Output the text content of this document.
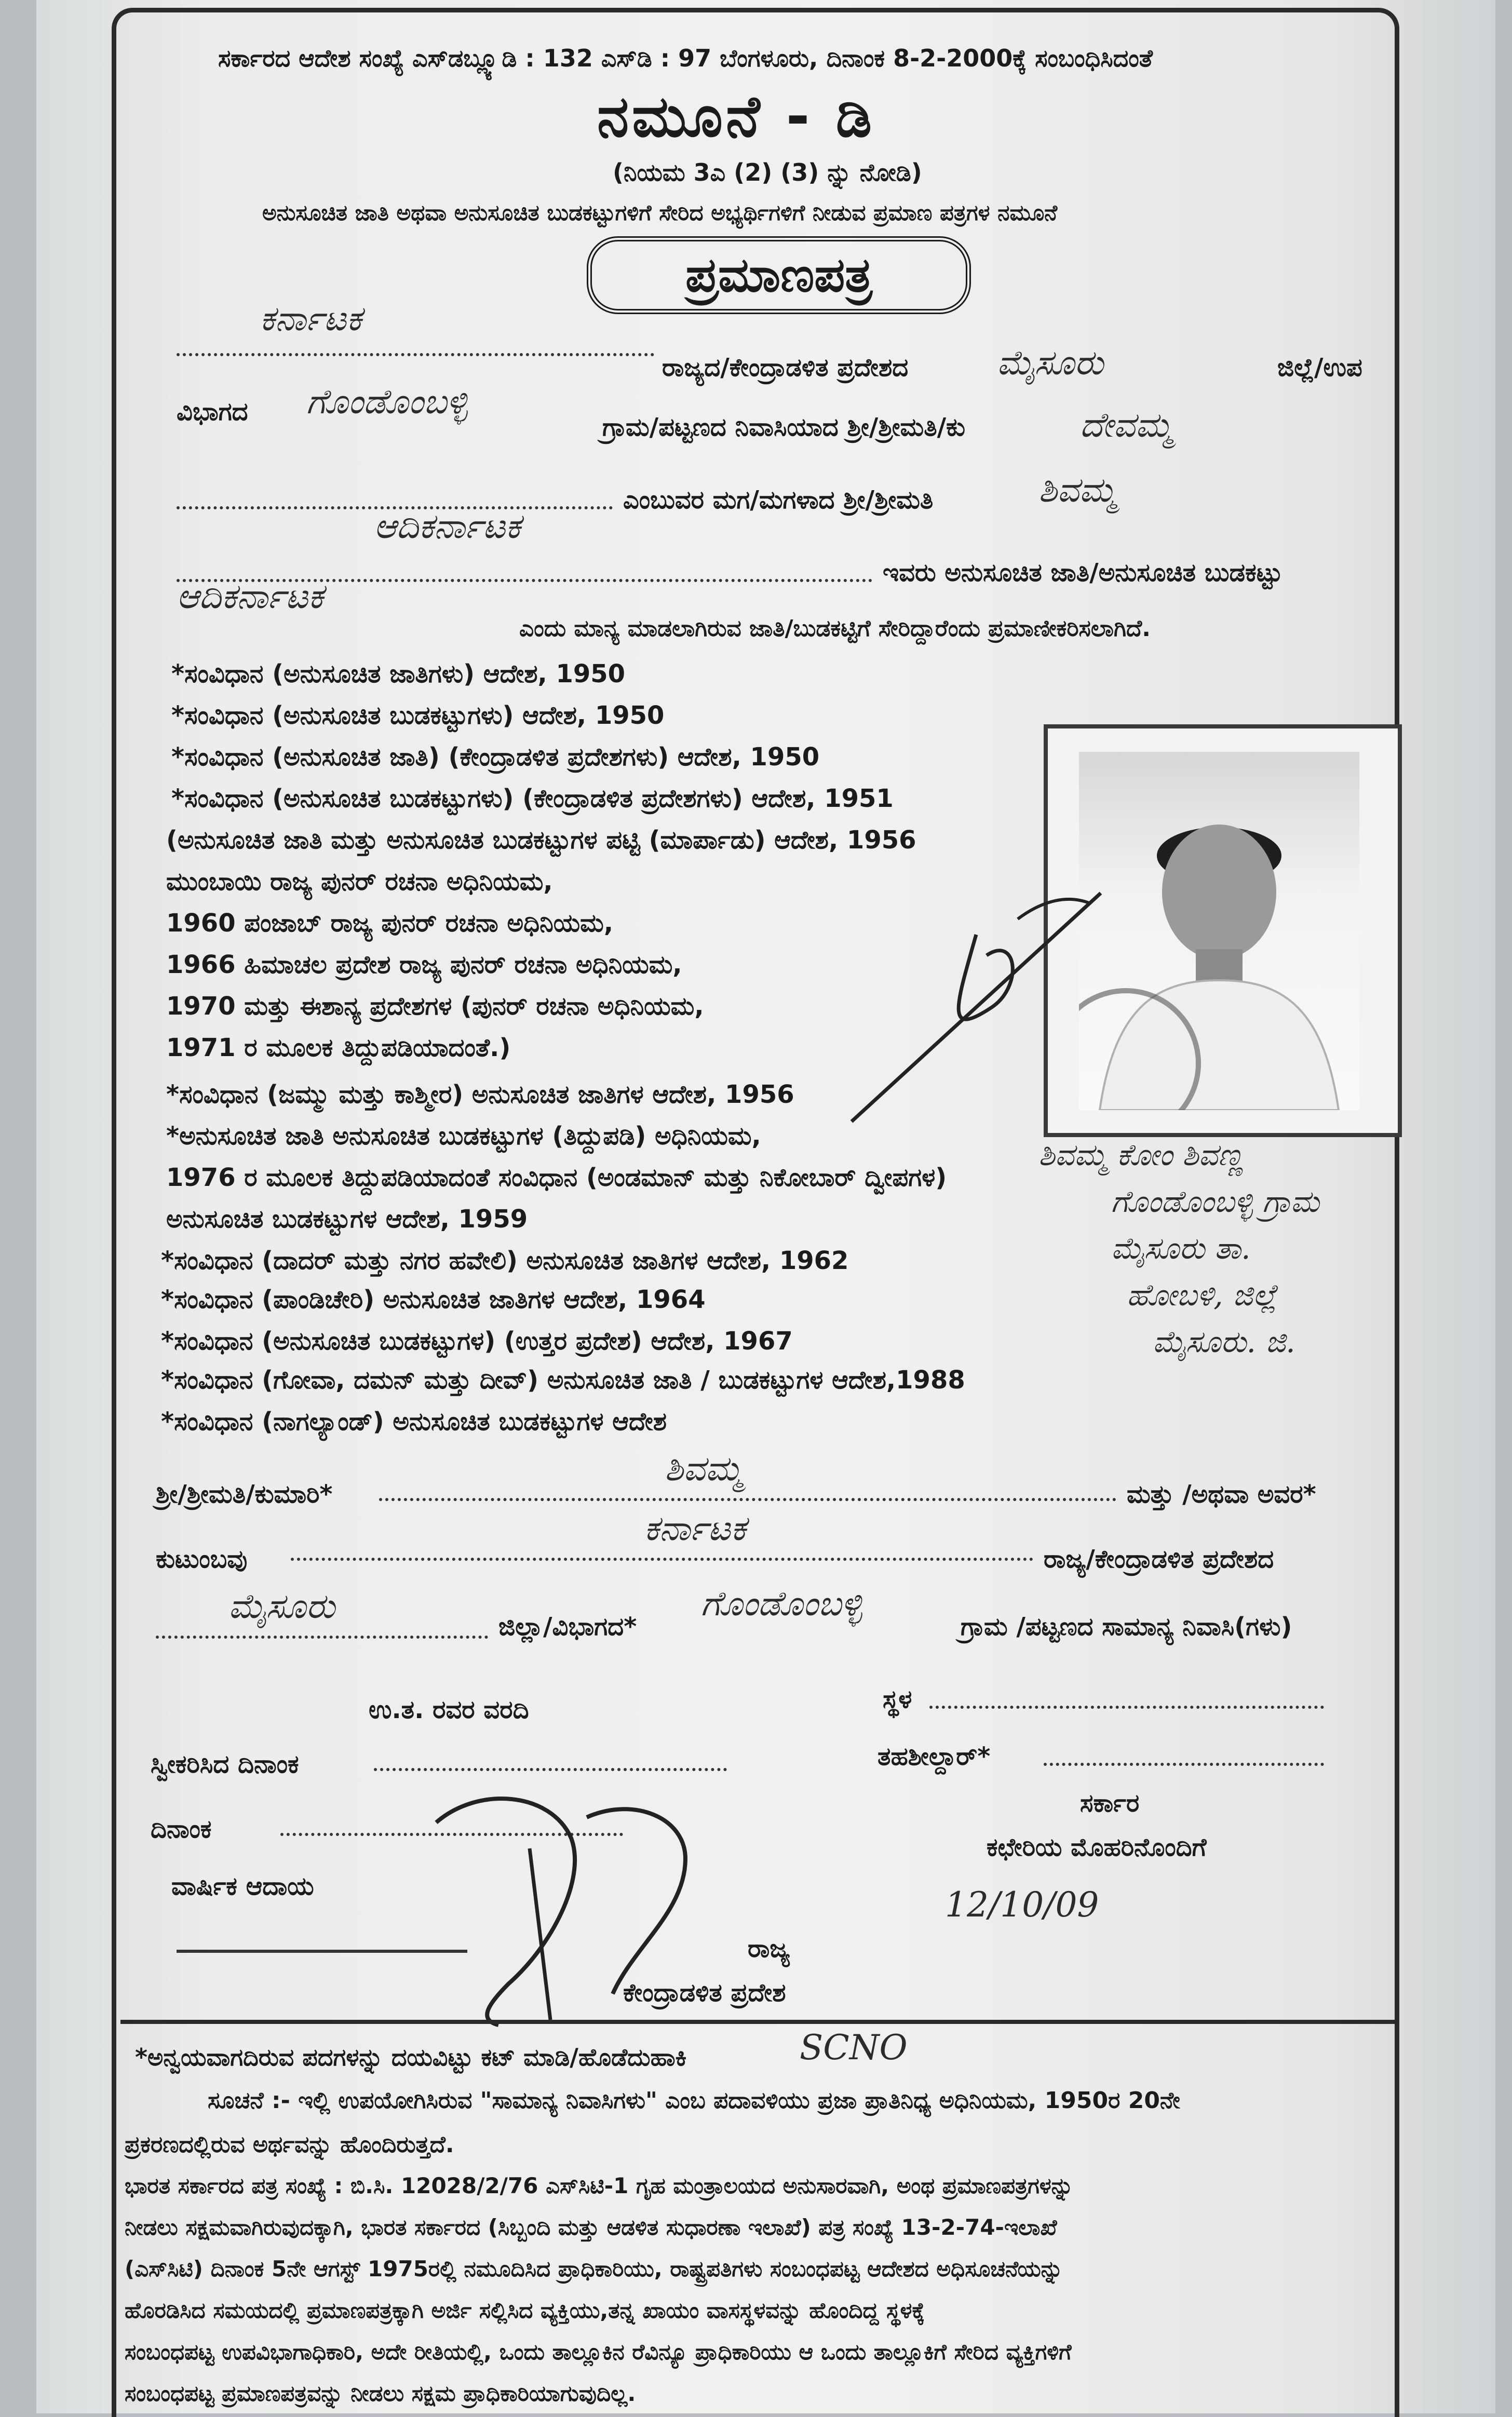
ಸರ್ಕಾರದ ಆದೇಶ ಸಂಖ್ಯೆ ಎಸ್‌ಡಬ್ಲ್ಯೂಡಿ : 132 ಎಸ್‌ಡಿ : 97 ಬೆಂಗಳೂರು, ದಿನಾಂಕ 8-2-2000ಕ್ಕೆ ಸಂಬಂಧಿಸಿದಂತೆ
ನಮೂನೆ - ಡಿ
(ನಿಯಮ 3ಎ (2) (3) ನ್ನು ನೋಡಿ)
ಅನುಸೂಚಿತ ಜಾತಿ ಅಥವಾ ಅನುಸೂಚಿತ ಬುಡಕಟ್ಟುಗಳಿಗೆ ಸೇರಿದ ಅಭ್ಯರ್ಥಿಗಳಿಗೆ ನೀಡುವ ಪ್ರಮಾಣ ಪತ್ರಗಳ ನಮೂನೆ
ಪ್ರಮಾಣಪತ್ರ
ಕರ್ನಾಟಕ
ರಾಜ್ಯದ/ಕೇಂದ್ರಾಡಳಿತ ಪ್ರದೇಶದ	ಮೈಸೂರು	ಜಿಲ್ಲೆ/ಉಪ
ವಿಭಾಗದ ಗೊಂಡೊಂಬಳ್ಳಿ
ಗ್ರಾಮ/ಪಟ್ಟಣದ ನಿವಾಸಿಯಾದ ಶ್ರೀ/ಶ್ರೀಮತಿ/ಕು	ದೇವಮ್ಮ
ಎಂಬುವರ ಮಗ/ಮಗಳಾದ ಶ್ರೀ/ಶ್ರೀಮತಿ	ಶಿವಮ್ಮ
ಆದಿಕರ್ನಾಟಕ
ಇವರು ಅನುಸೂಚಿತ ಜಾತಿ/ಅನುಸೂಚಿತ ಬುಡಕಟ್ಟು
ಆದಿಕರ್ನಾಟಕ
ಎಂದು ಮಾನ್ಯ ಮಾಡಲಾಗಿರುವ ಜಾತಿ/ಬುಡಕಟ್ಟಿಗೆ ಸೇರಿದ್ದಾರೆಂದು ಪ್ರಮಾಣೀಕರಿಸಲಾಗಿದೆ.
*ಸಂವಿಧಾನ (ಅನುಸೂಚಿತ ಜಾತಿಗಳು) ಆದೇಶ, 1950
*ಸಂವಿಧಾನ (ಅನುಸೂಚಿತ ಬುಡಕಟ್ಟುಗಳು) ಆದೇಶ, 1950
*ಸಂವಿಧಾನ (ಅನುಸೂಚಿತ ಜಾತಿ) (ಕೇಂದ್ರಾಡಳಿತ ಪ್ರದೇಶಗಳು) ಆದೇಶ, 1950
*ಸಂವಿಧಾನ (ಅನುಸೂಚಿತ ಬುಡಕಟ್ಟುಗಳು) (ಕೇಂದ್ರಾಡಳಿತ ಪ್ರದೇಶಗಳು) ಆದೇಶ, 1951
(ಅನುಸೂಚಿತ ಜಾತಿ ಮತ್ತು ಅನುಸೂಚಿತ ಬುಡಕಟ್ಟುಗಳ ಪಟ್ಟಿ (ಮಾರ್ಪಾಡು) ಆದೇಶ, 1956
ಮುಂಬಾಯಿ ರಾಜ್ಯ ಪುನರ್ ರಚನಾ ಅಧಿನಿಯಮ,
1960 ಪಂಜಾಬ್ ರಾಜ್ಯ ಪುನರ್ ರಚನಾ ಅಧಿನಿಯಮ,
1966 ಹಿಮಾಚಲ ಪ್ರದೇಶ ರಾಜ್ಯ ಪುನರ್ ರಚನಾ ಅಧಿನಿಯಮ,
1970 ಮತ್ತು ಈಶಾನ್ಯ ಪ್ರದೇಶಗಳ (ಪುನರ್ ರಚನಾ ಅಧಿನಿಯಮ,
1971 ರ ಮೂಲಕ ತಿದ್ದುಪಡಿಯಾದಂತೆ.)
*ಸಂವಿಧಾನ (ಜಮ್ಮು ಮತ್ತು ಕಾಶ್ಮೀರ) ಅನುಸೂಚಿತ ಜಾತಿಗಳ ಆದೇಶ, 1956
*ಅನುಸೂಚಿತ ಜಾತಿ ಅನುಸೂಚಿತ ಬುಡಕಟ್ಟುಗಳ (ತಿದ್ದುಪಡಿ) ಅಧಿನಿಯಮ,
1976 ರ ಮೂಲಕ ತಿದ್ದುಪಡಿಯಾದಂತೆ ಸಂವಿಧಾನ (ಅಂಡಮಾನ್ ಮತ್ತು ನಿಕೋಬಾರ್ ದ್ವೀಪಗಳ)
ಅನುಸೂಚಿತ ಬುಡಕಟ್ಟುಗಳ ಆದೇಶ, 1959
*ಸಂವಿಧಾನ (ದಾದರ್ ಮತ್ತು ನಗರ ಹವೇಲಿ) ಅನುಸೂಚಿತ ಜಾತಿಗಳ ಆದೇಶ, 1962
*ಸಂವಿಧಾನ (ಪಾಂಡಿಚೇರಿ) ಅನುಸೂಚಿತ ಜಾತಿಗಳ ಆದೇಶ, 1964
*ಸಂವಿಧಾನ (ಅನುಸೂಚಿತ ಬುಡಕಟ್ಟುಗಳ) (ಉತ್ತರ ಪ್ರದೇಶ) ಆದೇಶ, 1967
*ಸಂವಿಧಾನ (ಗೋವಾ, ದಮನ್ ಮತ್ತು ದೀವ್) ಅನುಸೂಚಿತ ಜಾತಿ / ಬುಡಕಟ್ಟುಗಳ ಆದೇಶ,1988
*ಸಂವಿಧಾನ (ನಾಗಲ್ಯಾಂಡ್) ಅನುಸೂಚಿತ ಬುಡಕಟ್ಟುಗಳ ಆದೇಶ
ಶಿವಮ್ಮ ಕೋಂ ಶಿವಣ್ಣ
ಗೊಂಡೊಂಬಳ್ಳಿ ಗ್ರಾಮ
ಮೈಸೂರು ತಾ.
ಹೋಬಳಿ, ಜಿಲ್ಲೆ
ಮೈಸೂರು. ಜಿ.
ಶ್ರೀ/ಶ್ರೀಮತಿ/ಕುಮಾರಿ*
ಶಿವಮ್ಮ
ಮತ್ತು /ಅಥವಾ ಅವರ*
ಕುಟುಂಬವು
ಕರ್ನಾಟಕ
ರಾಜ್ಯ/ಕೇಂದ್ರಾಡಳಿತ ಪ್ರದೇಶದ
ಮೈಸೂರು
ಜಿಲ್ಲಾ/ವಿಭಾಗದ*
ಗೊಂಡೊಂಬಳ್ಳಿ
ಗ್ರಾಮ /ಪಟ್ಟಣದ ಸಾಮಾನ್ಯ ನಿವಾಸಿ(ಗಳು)
ಉ.ತ. ರವರ ವರದಿ	ಸ್ಥಳ
ಸ್ವೀಕರಿಸಿದ ದಿನಾಂಕ	ತಹಶೀಲ್ದಾರ್*
ದಿನಾಂಕ
ಸರ್ಕಾರ
ಕಛೇರಿಯ ಮೊಹರಿನೊಂದಿಗೆ
ವಾರ್ಷಿಕ ಆದಾಯ	12/10/09
ರಾಜ್ಯ
ಕೇಂದ್ರಾಡಳಿತ ಪ್ರದೇಶ
*ಅನ್ವಯವಾಗದಿರುವ ಪದಗಳನ್ನು ದಯವಿಟ್ಟು ಕಟ್ ಮಾಡಿ/ಹೊಡೆದುಹಾಕಿ	SCNO
ಸೂಚನೆ :- ಇಲ್ಲಿ ಉಪಯೋಗಿಸಿರುವ "ಸಾಮಾನ್ಯ ನಿವಾಸಿಗಳು" ಎಂಬ ಪದಾವಳಿಯು ಪ್ರಜಾ ಪ್ರಾತಿನಿಧ್ಯ ಅಧಿನಿಯಮ, 1950ರ 20ನೇ
ಪ್ರಕರಣದಲ್ಲಿರುವ ಅರ್ಥವನ್ನು ಹೊಂದಿರುತ್ತದೆ.
ಭಾರತ ಸರ್ಕಾರದ ಪತ್ರ ಸಂಖ್ಯೆ : ಬಿ.ಸಿ. 12028/2/76 ಎಸ್‌ಸಿಟಿ-1 ಗೃಹ ಮಂತ್ರಾಲಯದ ಅನುಸಾರವಾಗಿ, ಅಂಥ ಪ್ರಮಾಣಪತ್ರಗಳನ್ನು
ನೀಡಲು ಸಕ್ಷಮವಾಗಿರುವುದಕ್ಕಾಗಿ, ಭಾರತ ಸರ್ಕಾರದ (ಸಿಬ್ಬಂದಿ ಮತ್ತು ಆಡಳಿತ ಸುಧಾರಣಾ ಇಲಾಖೆ) ಪತ್ರ ಸಂಖ್ಯೆ 13-2-74-ಇಲಾಖೆ
(ಎಸ್‌ಸಿಟಿ) ದಿನಾಂಕ 5ನೇ ಆಗಸ್ಟ್ 1975ರಲ್ಲಿ ನಮೂದಿಸಿದ ಪ್ರಾಧಿಕಾರಿಯು, ರಾಷ್ಟ್ರಪತಿಗಳು ಸಂಬಂಧಪಟ್ಟ ಆದೇಶದ ಅಧಿಸೂಚನೆಯನ್ನು
ಹೊರಡಿಸಿದ ಸಮಯದಲ್ಲಿ ಪ್ರಮಾಣಪತ್ರಕ್ಕಾಗಿ ಅರ್ಜಿ ಸಲ್ಲಿಸಿದ ವ್ಯಕ್ತಿಯು,ತನ್ನ ಖಾಯಂ ವಾಸಸ್ಥಳವನ್ನು ಹೊಂದಿದ್ದ ಸ್ಥಳಕ್ಕೆ
ಸಂಬಂಧಪಟ್ಟ ಉಪವಿಭಾಗಾಧಿಕಾರಿ, ಅದೇ ರೀತಿಯಲ್ಲಿ, ಒಂದು ತಾಲ್ಲೂಕಿನ ರೆವಿನ್ಯೂ ಪ್ರಾಧಿಕಾರಿಯು ಆ ಒಂದು ತಾಲ್ಲೂಕಿಗೆ ಸೇರಿದ ವ್ಯಕ್ತಿಗಳಿಗೆ
ಸಂಬಂಧಪಟ್ಟ ಪ್ರಮಾಣಪತ್ರವನ್ನು ನೀಡಲು ಸಕ್ಷಮ ಪ್ರಾಧಿಕಾರಿಯಾಗುವುದಿಲ್ಲ.
